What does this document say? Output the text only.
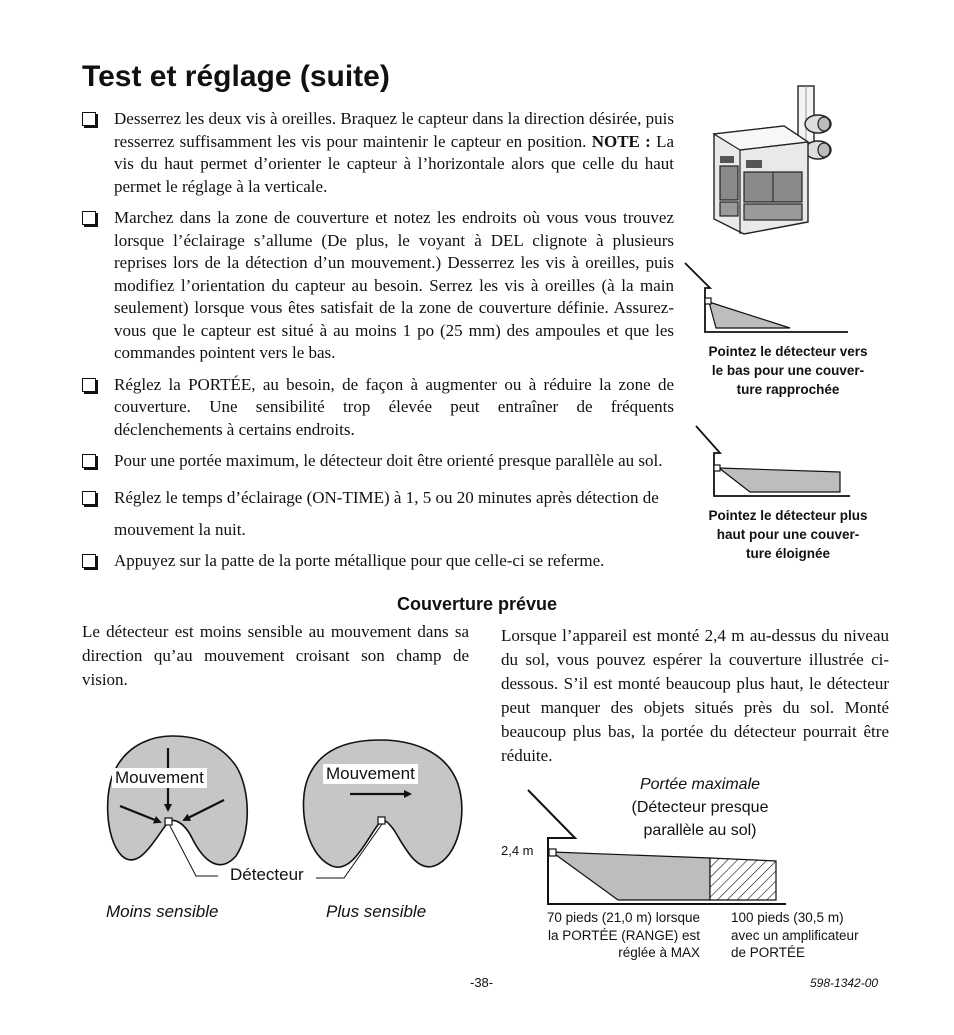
Test et réglage (suite)
Desserrez les deux vis à oreilles. Braquez le capteur dans la direction désirée, puis resserrez suffisamment les vis pour maintenir le capteur en position. NOTE : La vis du haut permet d’orienter le capteur à l’horizontale alors que celle du haut permet le réglage à la verticale.
Marchez dans la zone de couverture et notez les endroits où vous vous trouvez lorsque l’éclairage s’allume (De plus, le voyant à DEL clignote à plusieurs reprises lors de la détection d’un mouvement.) Desserrez les vis à oreilles, puis modifiez l’orientation du capteur au besoin. Serrez les vis à oreilles (à la main seulement) lorsque vous êtes satisfait de la zone de couverture définie. Assurez-vous que le capteur est situé à au moins 1 po (25 mm) des ampoules et que les commandes pointent vers le bas.
Réglez la PORTÉE, au besoin, de façon à augmenter ou à réduire la zone de couverture. Une sensibilité trop élevée peut entraîner de fréquents déclenchements à certains endroits.
Pour une portée maximum, le détecteur doit être orienté presque parallèle au sol.
Réglez le temps d’éclairage (ON-TIME) à 1, 5 ou 20 minutes après détection de mouvement la nuit.
Appuyez sur la patte de la porte métallique pour que celle-ci se referme.
Pointez le détecteur vers
le bas pour une couver-
ture rapprochée
Pointez le détecteur plus
haut pour une couver-
ture éloignée
Couverture prévue
Le détecteur est moins sensible au mouvement dans sa direction qu’au mouvement croisant son champ de vision.
Lorsque l’appareil est monté 2,4 m au-dessus du niveau du sol, vous pouvez espérer la couverture illustrée ci-dessous. S’il est monté beaucoup plus haut, le détecteur peut manquer des objets situés près du sol. Monté beaucoup plus bas, la portée du détecteur pourrait être réduite.
Mouvement	Mouvement
Détecteur
Moins sensible	Plus sensible
Portée maximale
(Détecteur presque
parallèle au sol)
2,4 m
70 pieds (21,0 m) lorsque
la PORTÉE (RANGE) est
réglée à MAX
100 pieds (30,5 m)
avec un amplificateur
de PORTÉE
-38-	598-1342-00
